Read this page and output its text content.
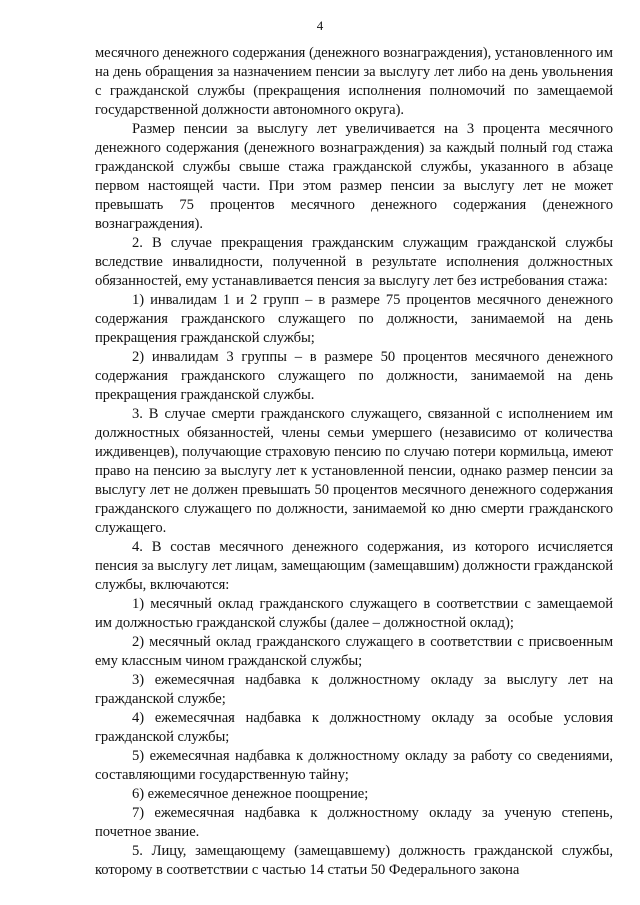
4

месячного денежного содержания (денежного вознаграждения), установленного им на день обращения за назначением пенсии за выслугу лет либо на день увольнения с гражданской службы (прекращения исполнения полномочий по замещаемой государственной должности автономного округа).

Размер пенсии за выслугу лет увеличивается на 3 процента месячного денежного содержания (денежного вознаграждения) за каждый полный год стажа гражданской службы свыше стажа гражданской службы, указанного в абзаце первом настоящей части. При этом размер пенсии за выслугу лет не может превышать 75 процентов месячного денежного содержания (денежного вознаграждения).

2. В случае прекращения гражданским служащим гражданской службы вследствие инвалидности, полученной в результате исполнения должностных обязанностей, ему устанавливается пенсия за выслугу лет без истребования стажа:

1) инвалидам 1 и 2 групп – в размере 75 процентов месячного денежного содержания гражданского служащего по должности, занимаемой на день прекращения гражданской службы;

2) инвалидам 3 группы – в размере 50 процентов месячного денежного содержания гражданского служащего по должности, занимаемой на день прекращения гражданской службы.

3. В случае смерти гражданского служащего, связанной с исполнением им должностных обязанностей, члены семьи умершего (независимо от количества иждивенцев), получающие страховую пенсию по случаю потери кормильца, имеют право на пенсию за выслугу лет к установленной пенсии, однако размер пенсии за выслугу лет не должен превышать 50 процентов месячного денежного содержания гражданского служащего по должности, занимаемой ко дню смерти гражданского служащего.

4. В состав месячного денежного содержания, из которого исчисляется пенсия за выслугу лет лицам, замещающим (замещавшим) должности гражданской службы, включаются:

1) месячный оклад гражданского служащего в соответствии с замещаемой им должностью гражданской службы (далее – должностной оклад);

2) месячный оклад гражданского служащего в соответствии с присвоенным ему классным чином гражданской службы;

3) ежемесячная надбавка к должностному окладу за выслугу лет на гражданской службе;

4) ежемесячная надбавка к должностному окладу за особые условия гражданской службы;

5) ежемесячная надбавка к должностному окладу за работу со сведениями, составляющими государственную тайну;

6) ежемесячное денежное поощрение;

7) ежемесячная надбавка к должностному окладу за ученую степень, почетное звание.

5. Лицу, замещающему (замещавшему) должность гражданской службы, которому в соответствии с частью 14 статьи 50 Федерального закона
